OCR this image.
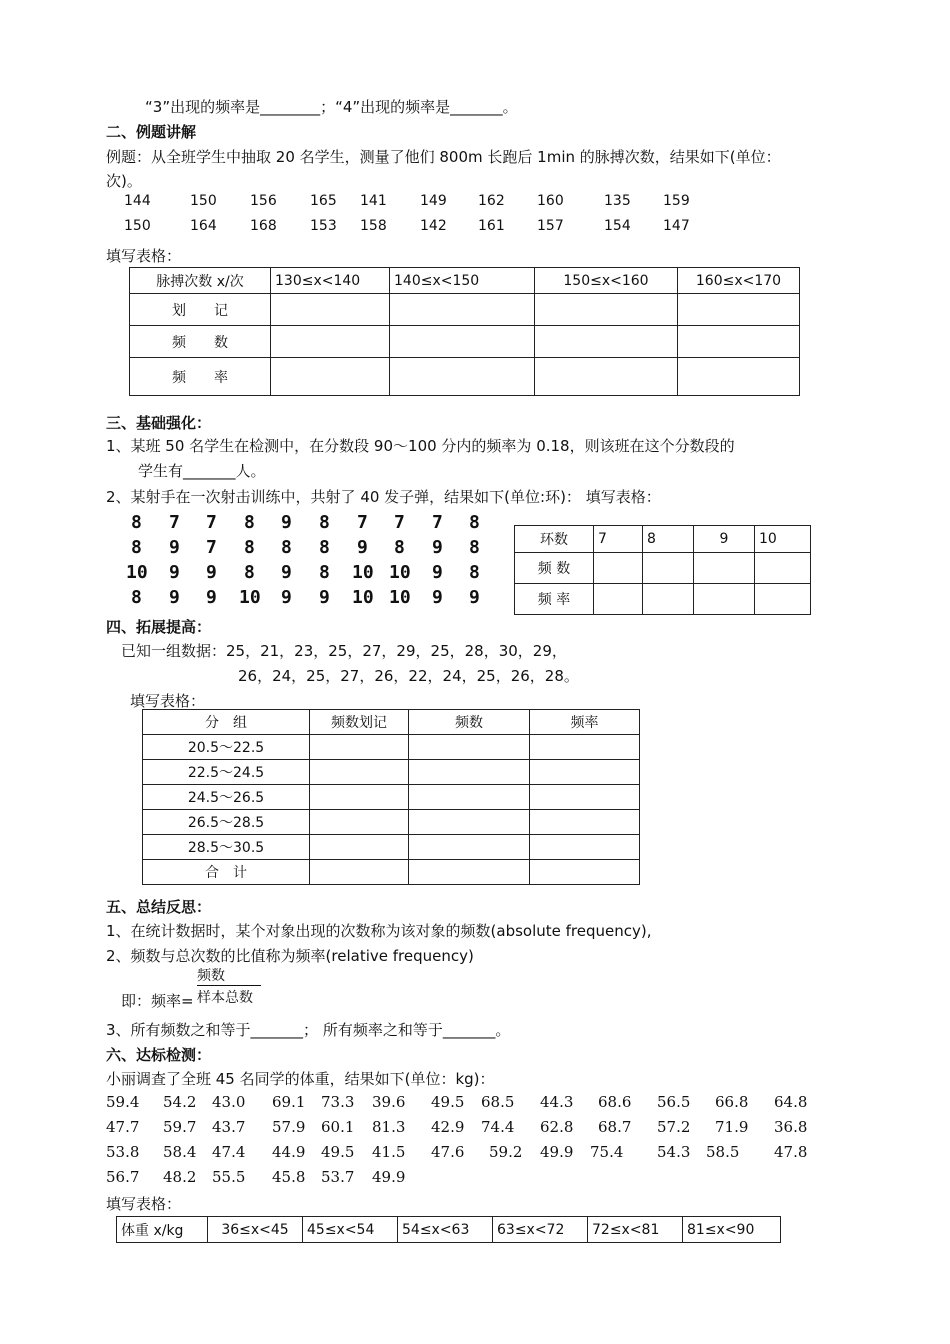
“3”出现的频率是________；“4”出现的频率是_______。
二、例题讲解
例题：从全班学生中抽取 20 名学生，测量了他们 800m 长跑后 1min 的脉搏次数，结果如下(单位：
次)。
144	150 156 165 141 149 162 160	135 159
150	164 168 153 158 142 161 157	154 147
填写表格：
脉搏次数 x/次	130≤x<140	140≤x<150	150≤x<160	160≤x<170
划　　记				
频　　数				
频　　率				
三、基础强化：
1、某班 50 名学生在检测中，在分数段 90～100 分内的频率为 0.18，则该班在这个分数段的
学生有_______人。
2、某射手在一次射击训练中，共射了 40 发子弹，结果如下(单位:环)： 填写表格：
8 7 7 8 9 8 7 7 7 8
8 9 7 8 8 8 9 8 9 8
10 9 9 8 9 8 10 10 9 8
8 9 9 10 9 9 10 10 9 9
环数	7	8	9	10
频 数				
频 率				
四、拓展提高：
已知一组数据：25，21，23，25，27，29，25，28，30，29，
26，24，25，27，26，22，24，25，26，28。
填写表格：
分　组	频数划记	频数	频率
20.5～22.5			
22.5～24.5			
24.5～26.5			
26.5～28.5			
28.5～30.5			
合　计			
五、总结反思：
1、在统计数据时，某个对象出现的次数称为该对象的频数(absolute frequency),
2、频数与总次数的比值称为频率(relative frequency)
频数
即：频率= 样本总数
3、所有频数之和等于_______； 所有频率之和等于_______。
六、达标检测：
小丽调查了全班 45 名同学的体重，结果如下(单位：kg)：
59.4 54.2 43.0 69.1 73.3 39.6 49.5 68.5 44.3 68.6 56.5 66.8 64.8
47.7 59.7 43.7 57.9 60.1 81.3 42.9 74.4 62.8 68.7 57.2 71.9 36.8
53.8 58.4 47.4 44.9 49.5 41.5 47.6 59.2 49.9 75.4 54.3 58.5 47.8
56.7 48.2 55.5 45.8 53.7 49.9
填写表格：
体重 x/kg	36≤x<45	45≤x<54	54≤x<63	63≤x<72	72≤x<81	81≤x<90
